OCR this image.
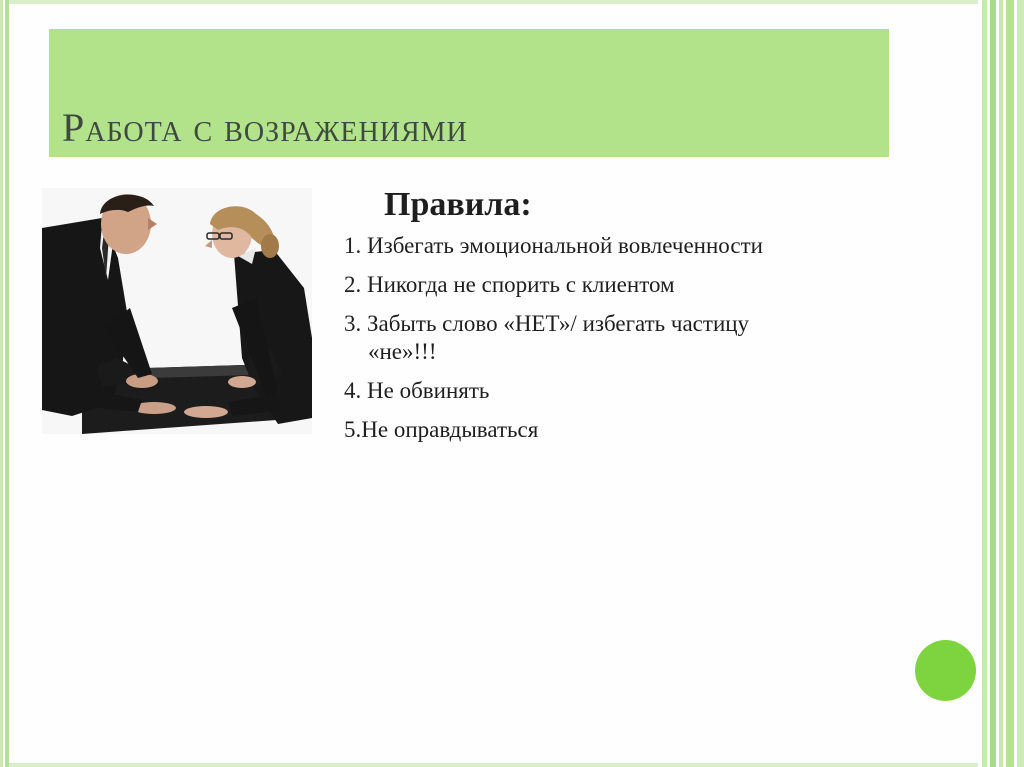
Работа с возражениями
Правила:
1. Избегать эмоциональной вовлеченности
2. Никогда не спорить с клиентом
3. Забыть слово «НЕТ»/ избегать частицу
«не»!!!
4. Не обвинять
5.Не оправдываться
